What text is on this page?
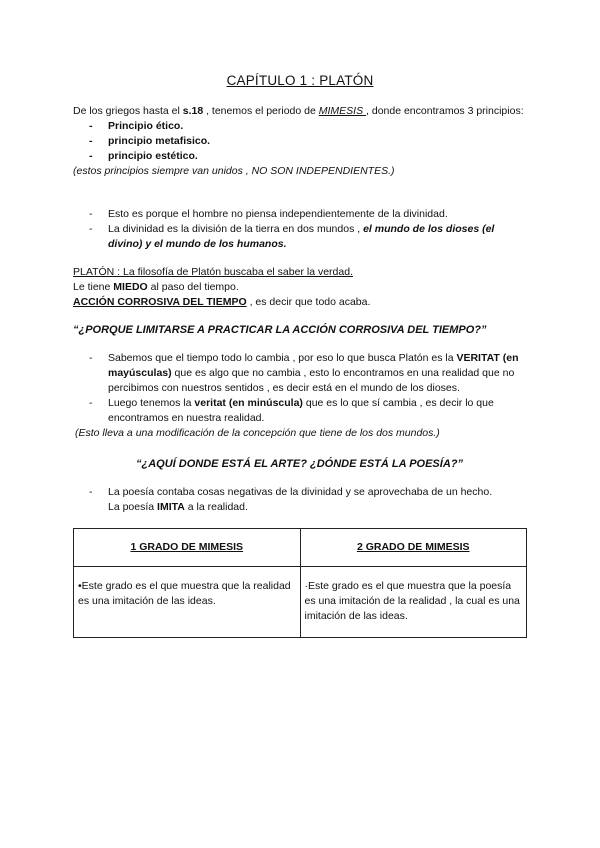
CAPÍTULO 1 : PLATÓN

De los griegos hasta el s.18 , tenemos el periodo de MIMESIS , donde encontramos 3 principios:

- Principio ético.
- principio metafisico.
- principio estético.

(estos principios siempre van unidos , NO SON INDEPENDIENTES.)

- Esto es porque el hombre no piensa independientemente de la divinidad.
- La divinidad es la división de la tierra en dos mundos , el mundo de los dioses (el divino) y el mundo de los humanos.

PLATÓN : La filosofía de Platón buscaba el saber la verdad.

Le tiene MIEDO al paso del tiempo.

ACCIÓN CORROSIVA DEL TIEMPO , es decir que todo acaba.

“¿PORQUE LIMITARSE A PRACTICAR LA ACCIÓN CORROSIVA DEL TIEMPO?”
- Sabemos que el tiempo todo lo cambia , por eso lo que busca Platón es la VERITAT (en mayúsculas) que es algo que no cambia , esto lo encontramos en una realidad que no percibimos con nuestros sentidos , es decir está en el mundo de los dioses.
- Luego tenemos la veritat (en minúscula) que es lo que sí cambia , es decir lo que encontramos en nuestra realidad.

(Esto lleva a una modificación de la concepción que tiene de los dos mundos.)

“¿AQUÍ DONDE ESTÁ EL ARTE? ¿DÓNDE ESTÁ LA POESÍA?”
- La poesía contaba cosas negativas de la divinidad y se aprovechaba de un hecho.
La poesía IMITA a la realidad.
1 GRADO DE MIMESIS	2 GRADO DE MIMESIS
•Este grado es el que muestra que la realidad es una imitación de las ideas.	·Este grado es el que muestra que la poesía es una imitación de la realidad , la cual es una imitación de las ideas.
